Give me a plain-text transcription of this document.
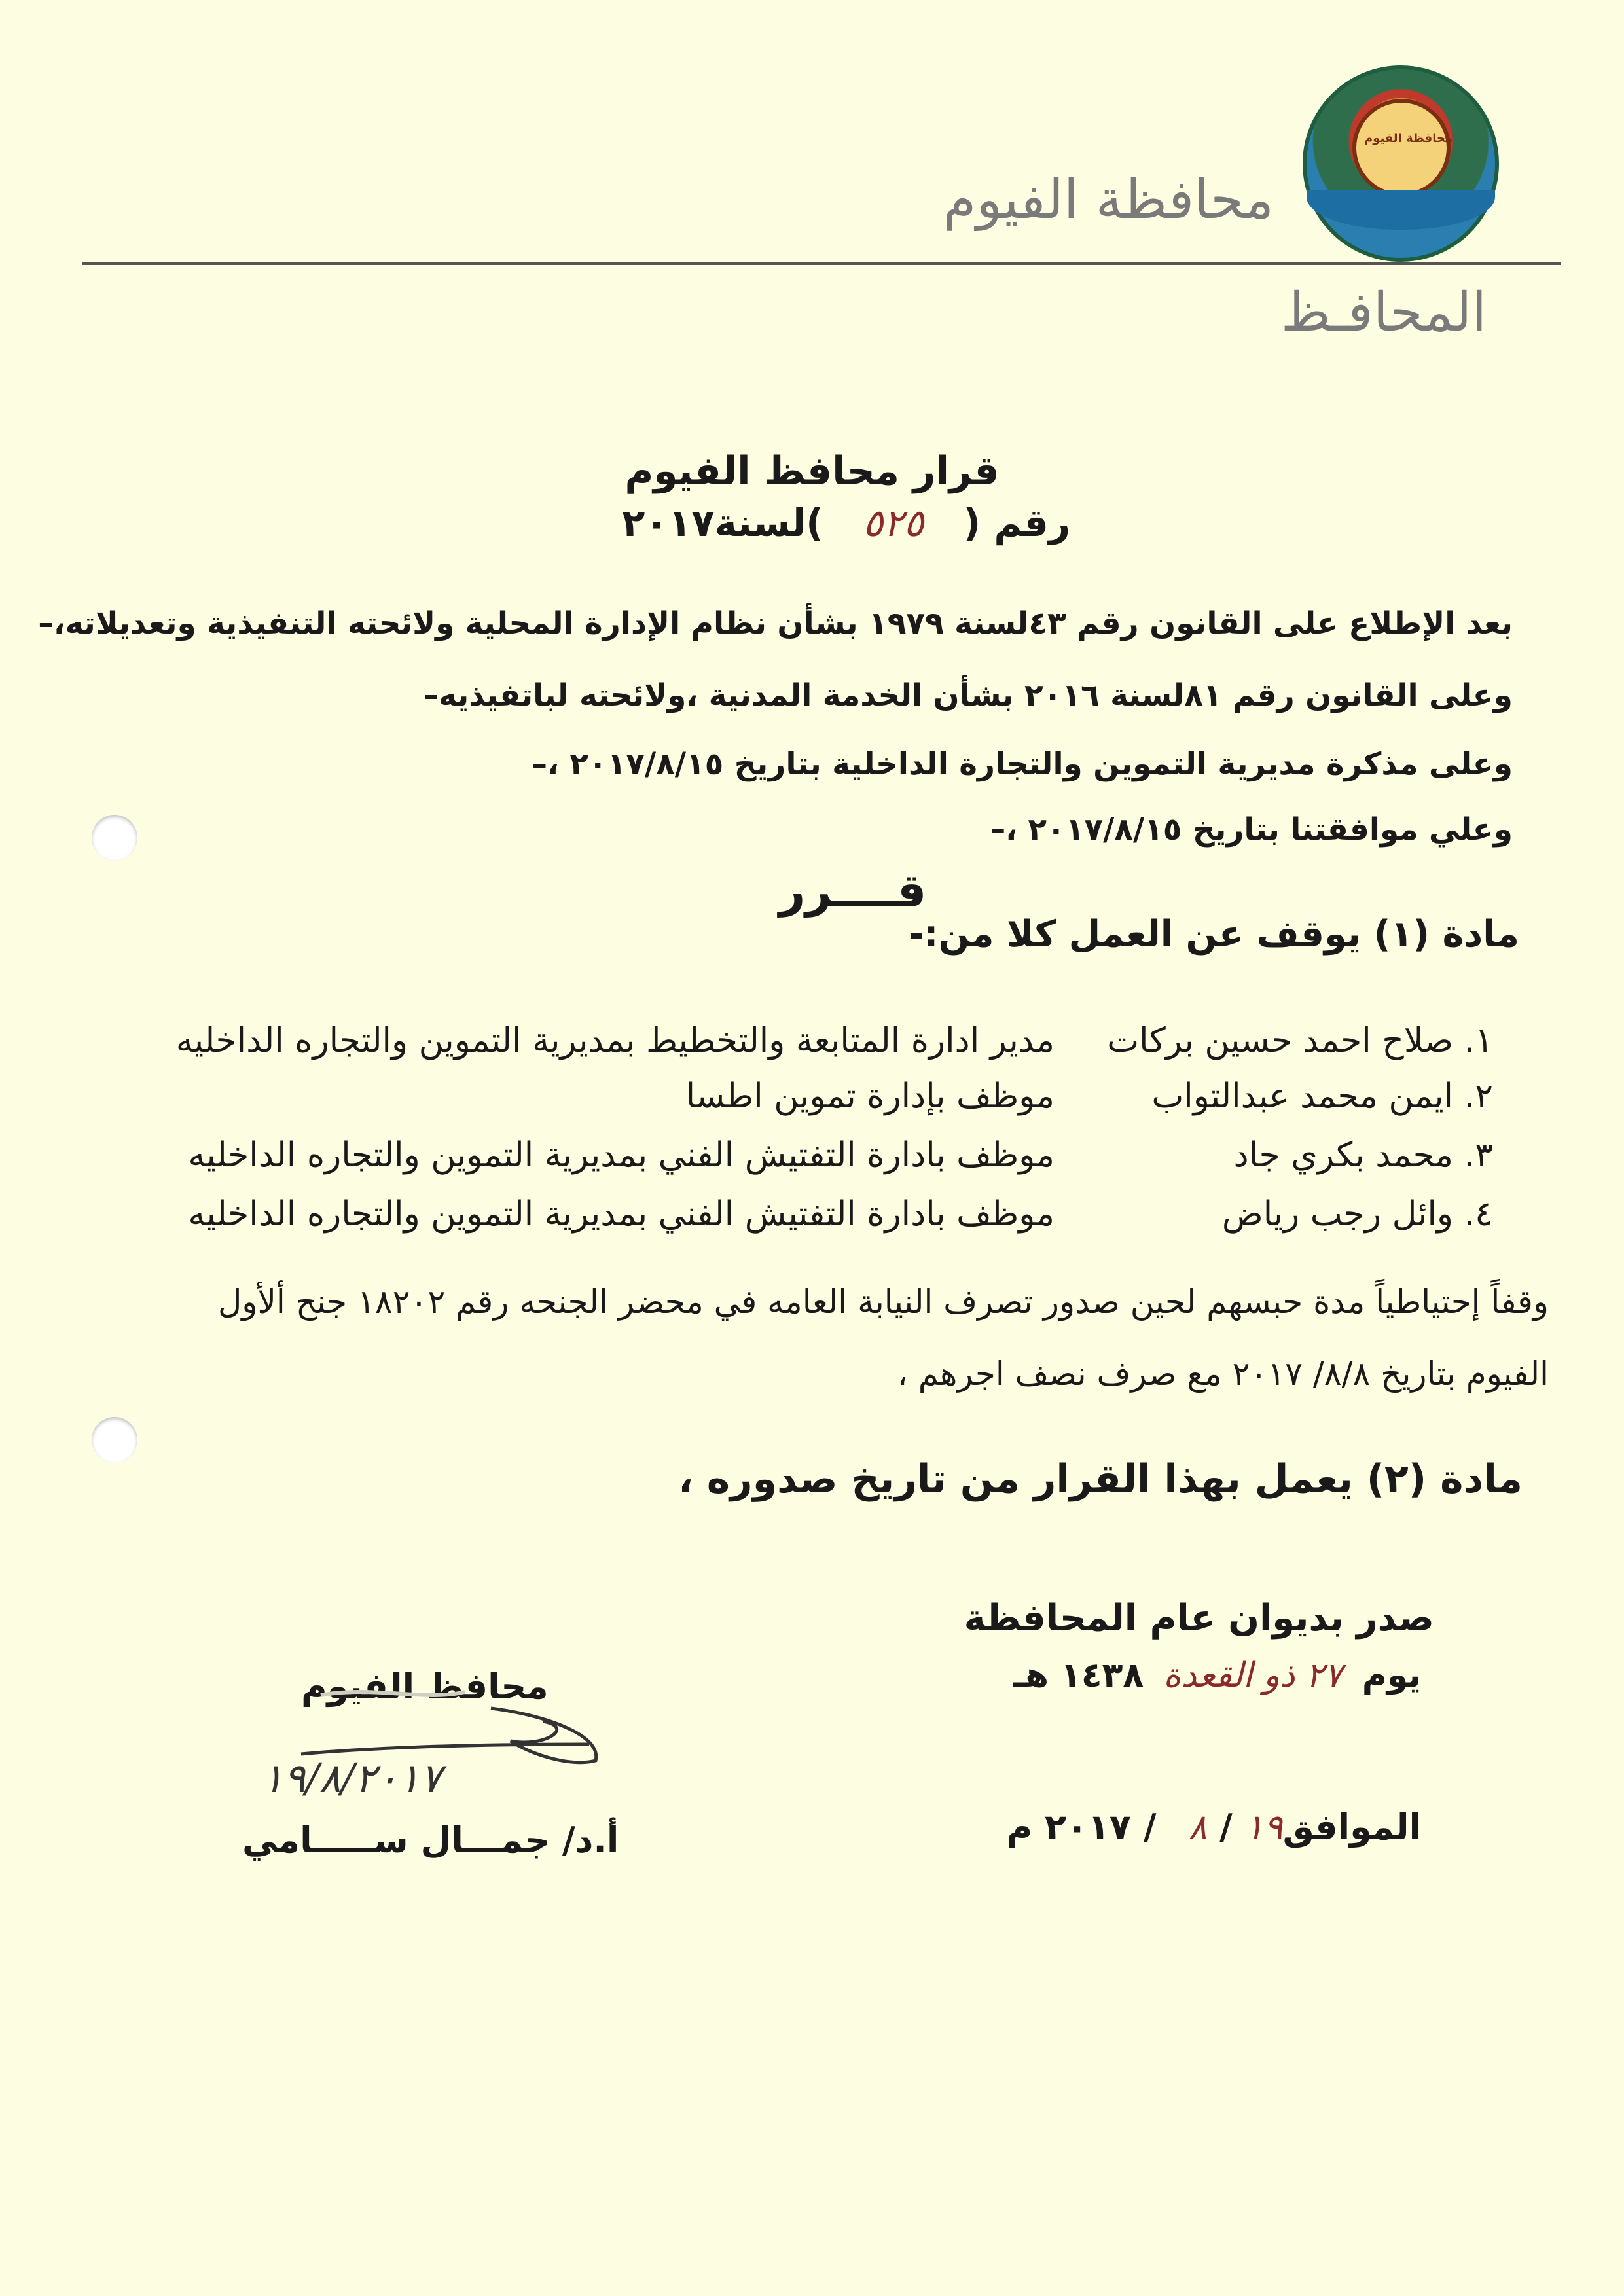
محافظة الفيوم
محافظة الفيوم
المحافـظ
قرار محافظ الفيوم
رقم ( ٥٢٥ )لسنة٢٠١٧
–بعد الإطلاع على القانون رقم ٤٣لسنة ١٩٧٩ بشأن نظام الإدارة المحلية ولائحته التنفيذية وتعديلاته،
–وعلى القانون رقم ٨١لسنة ٢٠١٦ بشأن الخدمة المدنية ،ولائحته لباتفيذيه
–وعلى مذكرة مديرية التموين والتجارة الداخلية بتاريخ ٢٠١٧/٨/١٥ ،
–وعلي موافقتنا بتاريخ ٢٠١٧/٨/١٥ ،
قــــرر
مادة (١) يوقف عن العمل كلا من:-
١. صلاح احمد حسين بركات
مدير ادارة المتابعة والتخطيط بمديرية التموين والتجاره الداخليه
٢. ايمن محمد عبدالتواب
موظف بإدارة تموين اطسا
٣. محمد بكري جاد
موظف بادارة التفتيش الفني بمديرية التموين والتجاره الداخليه
٤. وائل رجب رياض
موظف بادارة التفتيش الفني بمديرية التموين والتجاره الداخليه
وقفاً إحتياطياً مدة حبسهم لحين صدور تصرف النيابة العامه في محضر الجنحه رقم ١٨٢٠٢ جنح ألأول
الفيوم بتاريخ ٨/٨/ ٢٠١٧ مع صرف نصف اجرهم ،
مادة (٢) يعمل بهذا القرار من تاريخ صدوره ،
صدر بديوان عام المحافظة
يوم ٢٧ ذو القعدة ١٤٣٨ هـ
الموافق١٩ / ٨ / ٢٠١٧ م
محافظ الفيوم
١٩/٨/٢٠١٧
أ.د/ جمـــال ســـــامي
